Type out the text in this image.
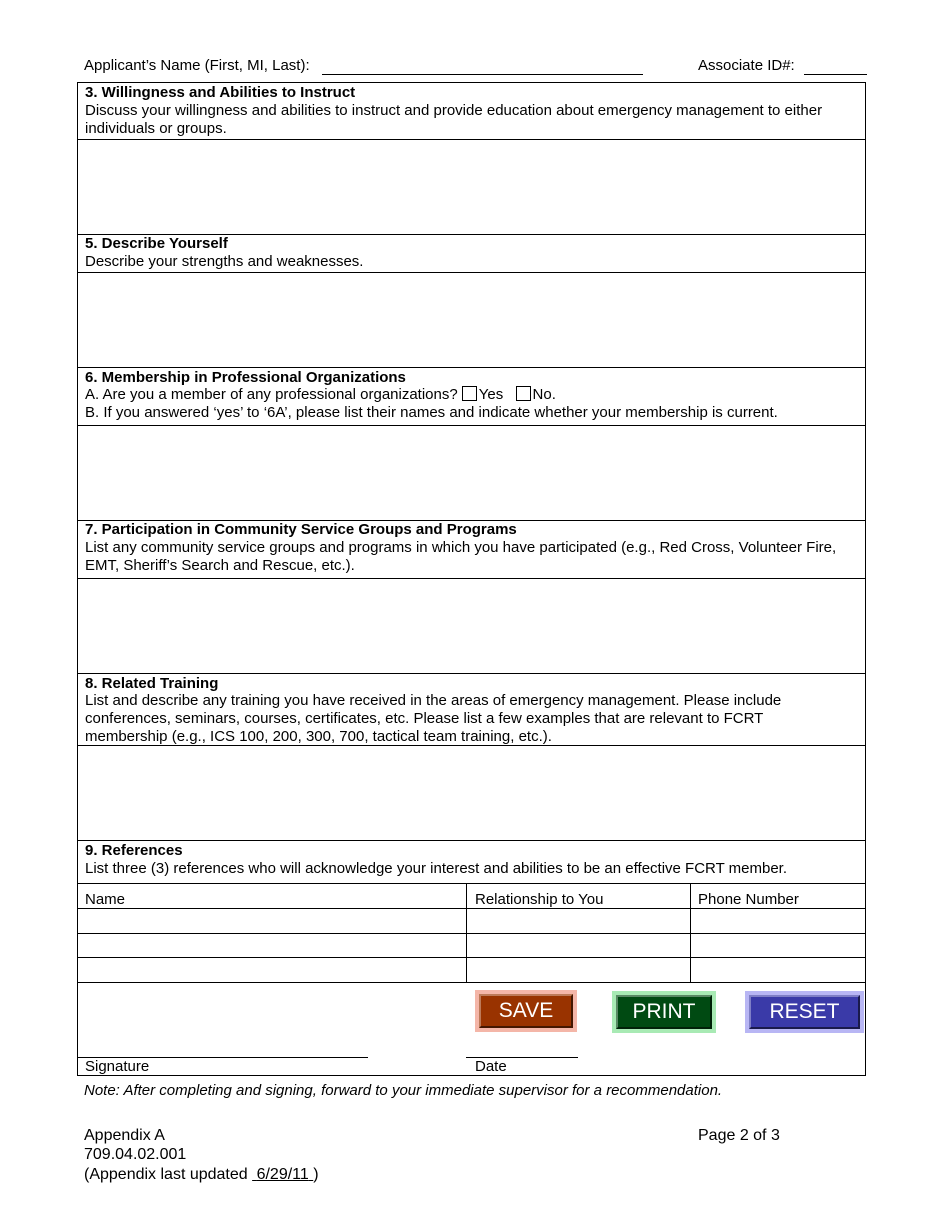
Applicant’s Name (First, MI, Last):	Associate ID#:
3. Willingness and Abilities to Instruct
Discuss your willingness and abilities to instruct and provide education about emergency management to either individuals or groups.
5. Describe Yourself
Describe your strengths and weaknesses.
6. Membership in Professional Organizations
A. Are you a member of any professional organizations? Yes No.
B. If you answered ‘yes’ to ‘6A’, please list their names and indicate whether your membership is current.
7. Participation in Community Service Groups and Programs
List any community service groups and programs in which you have participated (e.g., Red Cross, Volunteer Fire, EMT, Sheriff’s Search and Rescue, etc.).
8. Related Training
List and describe any training you have received in the areas of emergency management. Please include conferences, seminars, courses, certificates, etc. Please list a few examples that are relevant to FCRT membership (e.g., ICS 100, 200, 300, 700, tactical team training, etc.).
9. References
List three (3) references who will acknowledge your interest and abilities to be an effective FCRT member.
Name	Relationship to You	Phone Number
SAVE	PRINT	RESET
Signature	Date
Note: After completing and signing, forward to your immediate supervisor for a recommendation.
Appendix A	Page 2 of 3
709.04.02.001
(Appendix last updated 6/29/11 )
